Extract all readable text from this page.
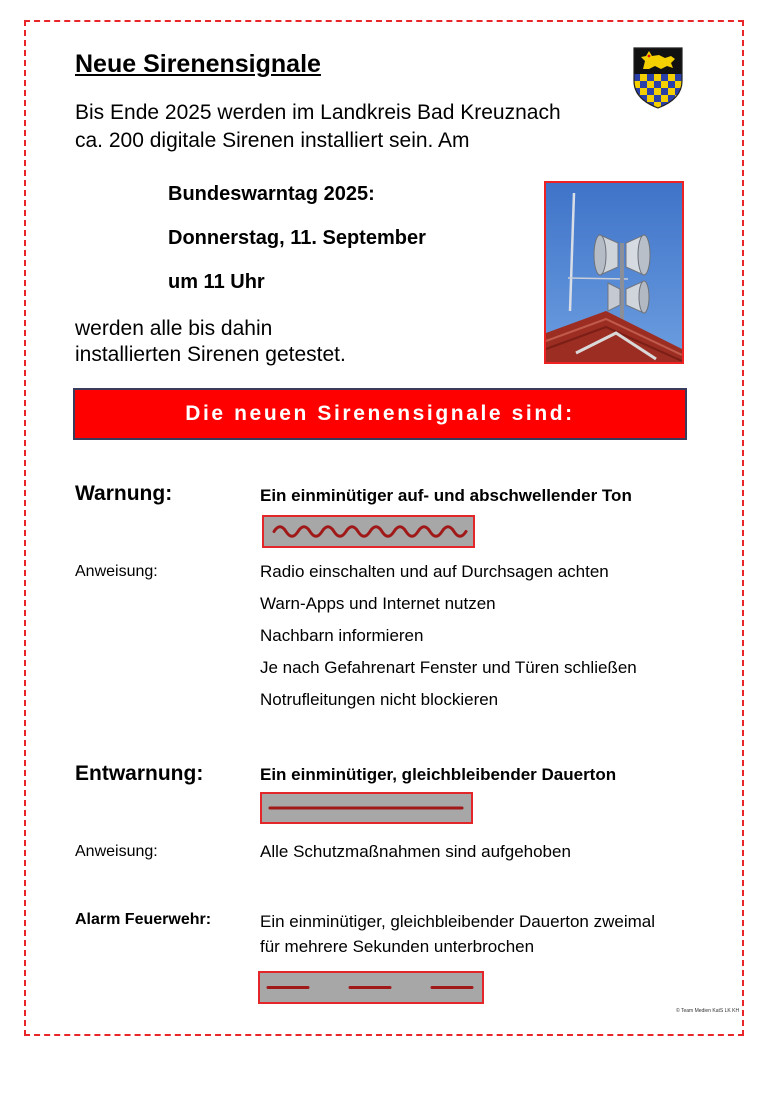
Neue Sirenensignale
Bis Ende 2025 werden im Landkreis Bad Kreuznach
ca. 200 digitale Sirenen installiert sein. Am
Bundeswarntag 2025:
Donnerstag, 11. September
um 11 Uhr
werden alle bis dahin
installierten Sirenen getestet.
Die neuen Sirenensignale sind:
Warnung:	Ein einminütiger auf- und abschwellender Ton
Anweisung:	Radio einschalten und auf Durchsagen achten
Warn-Apps und Internet nutzen
Nachbarn informieren
Je nach Gefahrenart Fenster und Türen schließen
Notrufleitungen nicht blockieren
Entwarnung:	Ein einminütiger, gleichbleibender Dauerton
Anweisung:	Alle Schutzmaßnahmen sind aufgehoben
Alarm Feuerwehr:	Ein einminütiger, gleichbleibender Dauerton zweimal
für mehrere Sekunden unterbrochen
© Team Medien KatS LK KH
